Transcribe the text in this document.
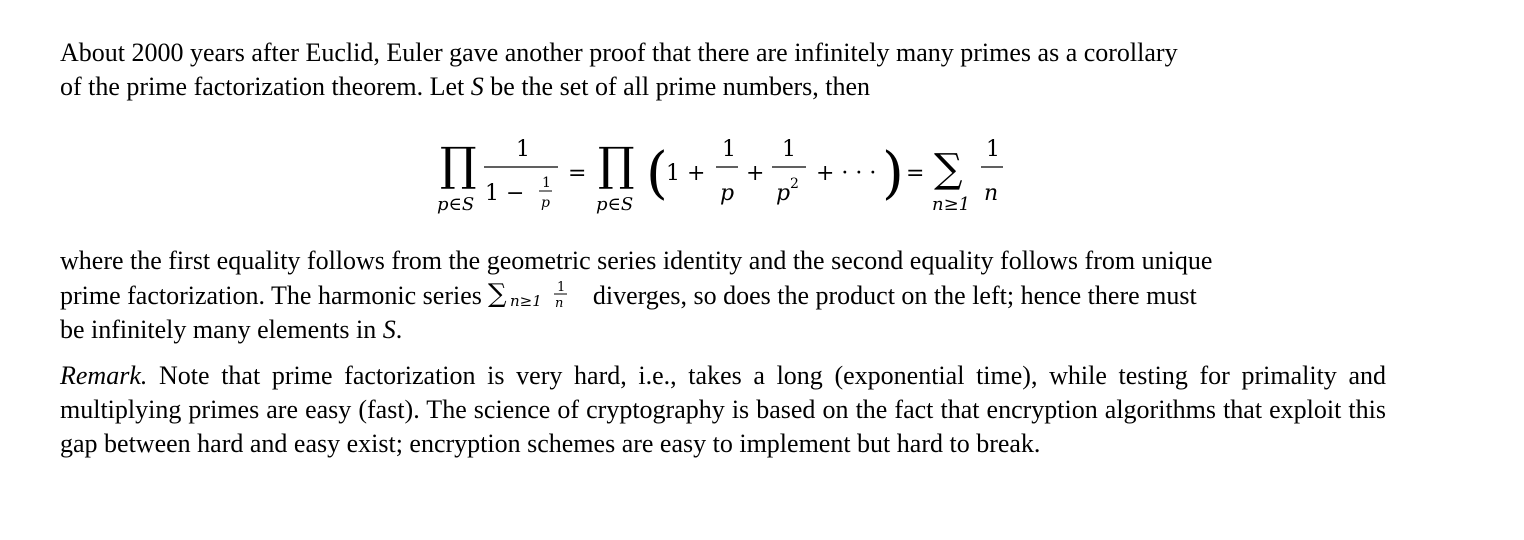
About 2000 years after Euclid, Euler gave another proof that there are infinitely many primes as a corollary
of the prime factorization theorem. Let S be the set of all prime numbers, then

∏
p∈S
1
1 − 1
p
= ∏
p∈S (
1 +
1
p
+
1
p 2 + · · · ) = ∑
n≥1
1
n

where the first equality follows from the geometric series identity and the second equality follows from unique
prime factorization. The harmonic series ∑ n≥1
1
n diverges, so does the product on the left; hence there must
be infinitely many elements in S.

Remark. Note that prime factorization is very hard, i.e., takes a long (exponential time), while testing for primality and multiplying primes are easy (fast). The science of cryptography is based on the fact that encryption algorithms that exploit this gap between hard and easy exist; encryption schemes are easy to implement but hard to break.
